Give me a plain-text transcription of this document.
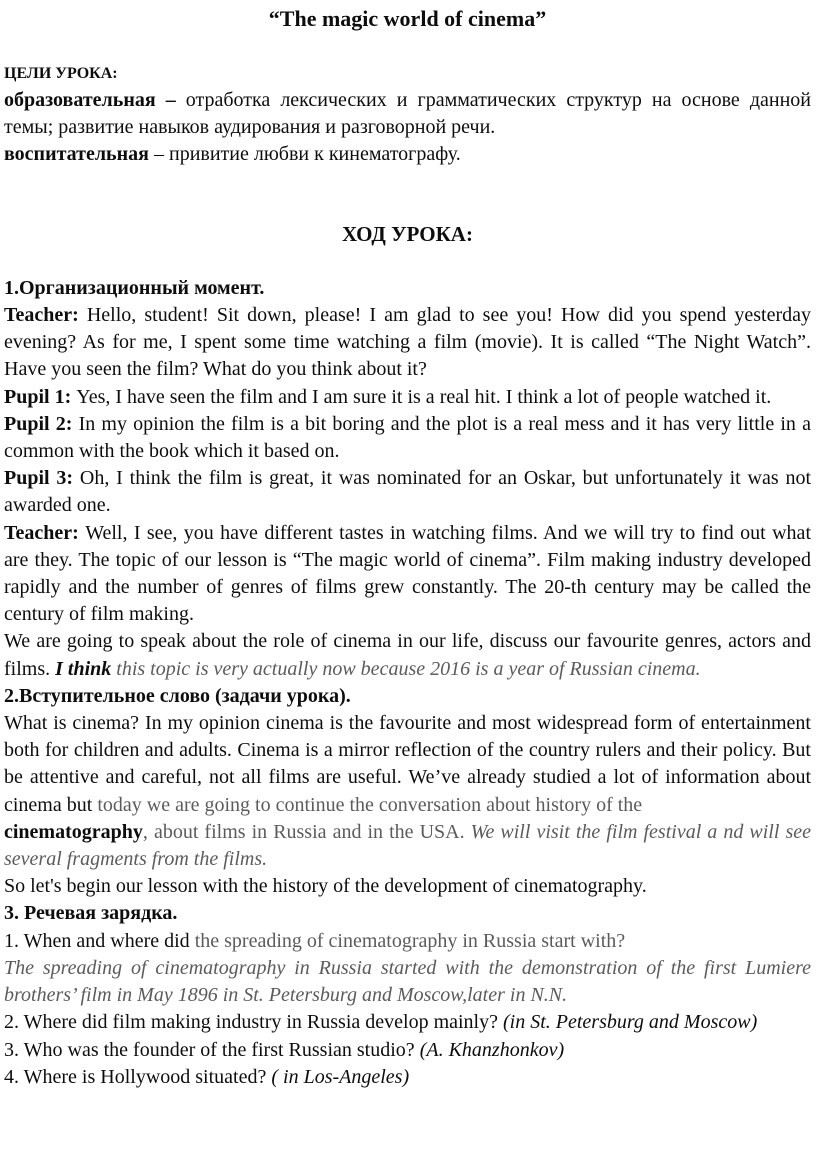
“The magic world of cinema”

ЦЕЛИ УРОКА:

образовательная – отработка лексических и грамматических структур на основе данной темы; развитие навыков аудирования и разговорной речи.

воспитательная – привитие любви к кинематографу.

ХОД УРОКА:

1.Организационный момент.

Teacher: Hello, student! Sit down, please! I am glad to see you! How did you spend yesterday evening? As for me, I spent some time watching a film (movie). It is called “The Night Watch”. Have you seen the film? What do you think about it?

Pupil 1: Yes, I have seen the film and I am sure it is a real hit. I think a lot of people watched it.

Pupil 2: In my opinion the film is a bit boring and the plot is a real mess and it has very little in a common with the book which it based on.

Pupil 3: Oh, I think the film is great, it was nominated for an Oskar, but unfortunately it was not awarded one.

Teacher: Well, I see, you have different tastes in watching films. And we will try to find out what are they. The topic of our lesson is “The magic world of cinema”. Film making industry developed rapidly and the number of genres of films grew constantly. The 20-th century may be called the century of film making.

We are going to speak about the role of cinema in our life, discuss our favourite genres, actors and films. I think this topic is very actually now because 2016 is a year of Russian cinema.

2.Вступительное слово (задачи урока).

What is cinema? In my opinion cinema is the favourite and most widespread form of entertainment both for children and adults. Cinema is a mirror reflection of the country rulers and their policy. But be attentive and careful, not all films are useful. We’ve already studied a lot of information about cinema but today we are going to continue the conversation about history of the

cinematography, about films in Russia and in the USA. We will visit the film festival a nd will see several fragments from the films.

So let's begin our lesson with the history of the development of cinematography.

3. Речевая зарядка.

1. When and where did the spreading of cinematography in Russia start with?

The spreading of cinematography in Russia started with the demonstration of the first Lumiere brothers’ film in May 1896 in St. Petersburg and Moscow,later in N.N.

2. Where did film making industry in Russia develop mainly? (in St. Petersburg and Moscow)

3. Who was the founder of the first Russian studio? (A. Khanzhonkov)

4. Where is Hollywood situated? ( in Los-Angeles)
